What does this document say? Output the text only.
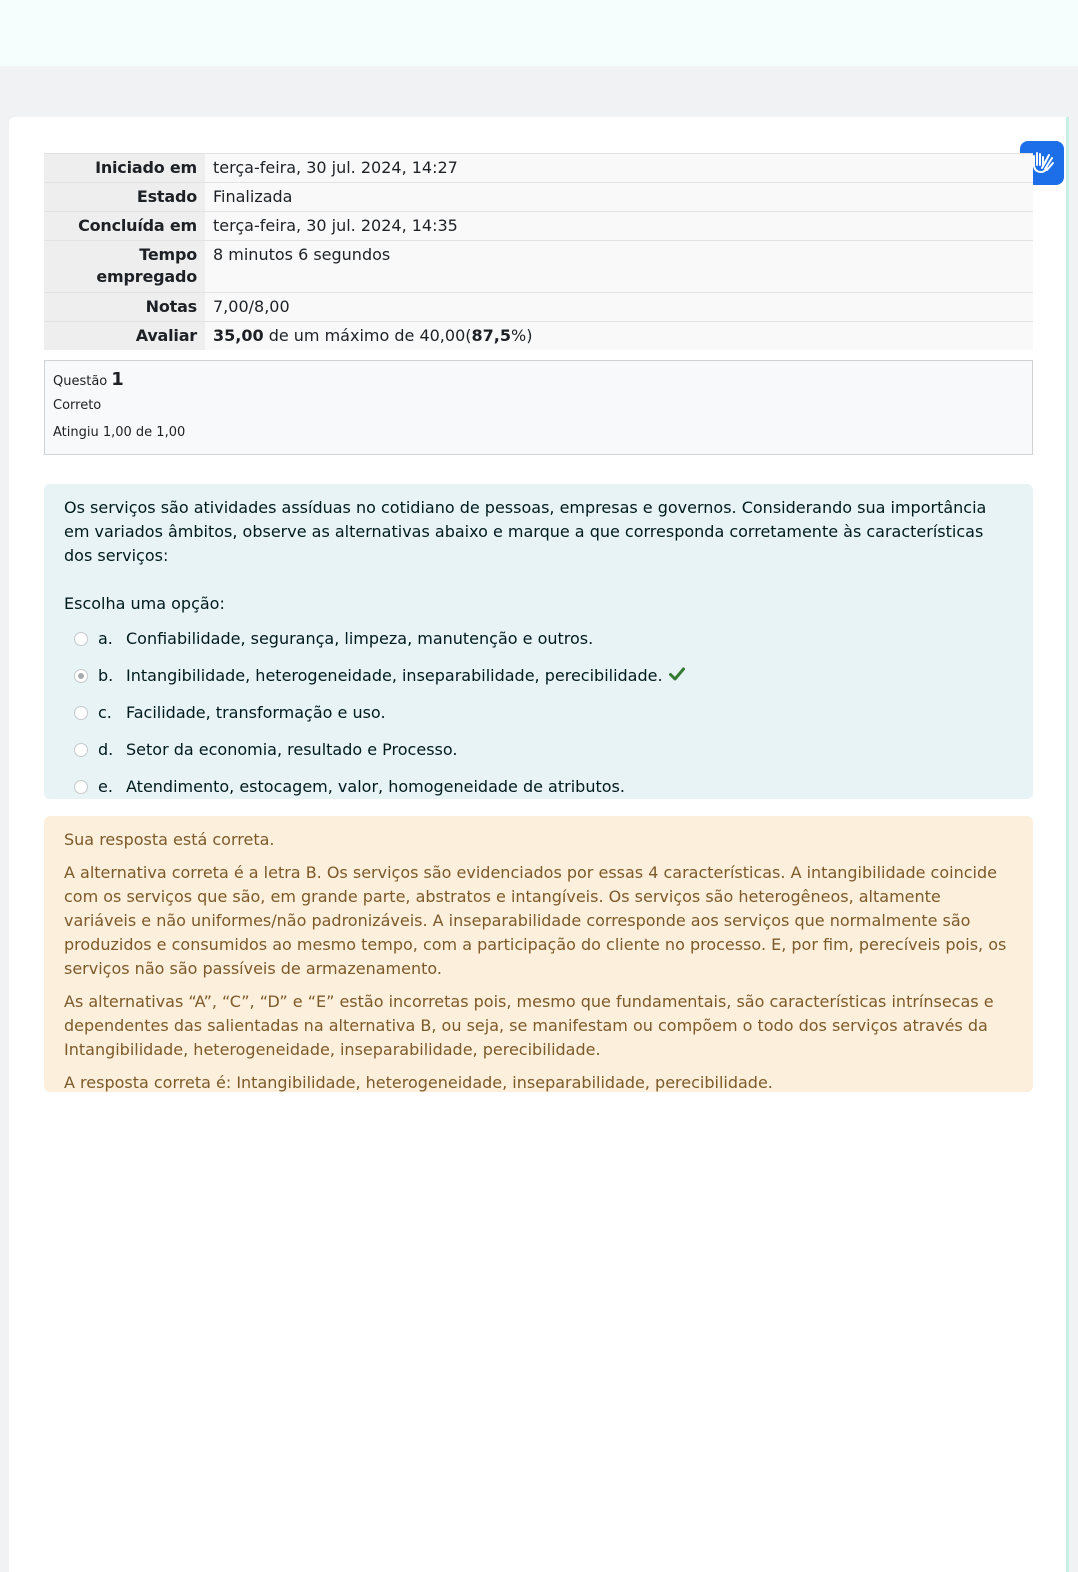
Iniciado em	terça-feira, 30 jul. 2024, 14:27
Estado	Finalizada
Concluída em	terça-feira, 30 jul. 2024, 14:35
Tempo empregado	8 minutos 6 segundos
Notas	7,00/8,00
Avaliar	35,00 de um máximo de 40,00(87,5%)
Questão 1
Correto
Atingiu 1,00 de 1,00
Os serviços são atividades assíduas no cotidiano de pessoas, empresas e governos. Considerando sua importância em variados âmbitos, observe as alternativas abaixo e marque a que corresponda corretamente às características dos serviços:
Escolha uma opção:
a. Confiabilidade, segurança, limpeza, manutenção e outros.
b. Intangibilidade, heterogeneidade, inseparabilidade, perecibilidade.
c. Facilidade, transformação e uso.
d. Setor da economia, resultado e Processo.
e. Atendimento, estocagem, valor, homogeneidade de atributos.

Sua resposta está correta.

A alternativa correta é a letra B. Os serviços são evidenciados por essas 4 características. A intangibilidade coincide com os serviços que são, em grande parte, abstratos e intangíveis. Os serviços são heterogêneos, altamente variáveis e não uniformes/não padronizáveis. A inseparabilidade corresponde aos serviços que normalmente são produzidos e consumidos ao mesmo tempo, com a participação do cliente no processo. E, por fim, perecíveis pois, os serviços não são passíveis de armazenamento.

As alternativas “A”, “C”, “D” e “E” estão incorretas pois, mesmo que fundamentais, são características intrínsecas e dependentes das salientadas na alternativa B, ou seja, se manifestam ou compõem o todo dos serviços através da Intangibilidade, heterogeneidade, inseparabilidade, perecibilidade.

A resposta correta é: Intangibilidade, heterogeneidade, inseparabilidade, perecibilidade.
